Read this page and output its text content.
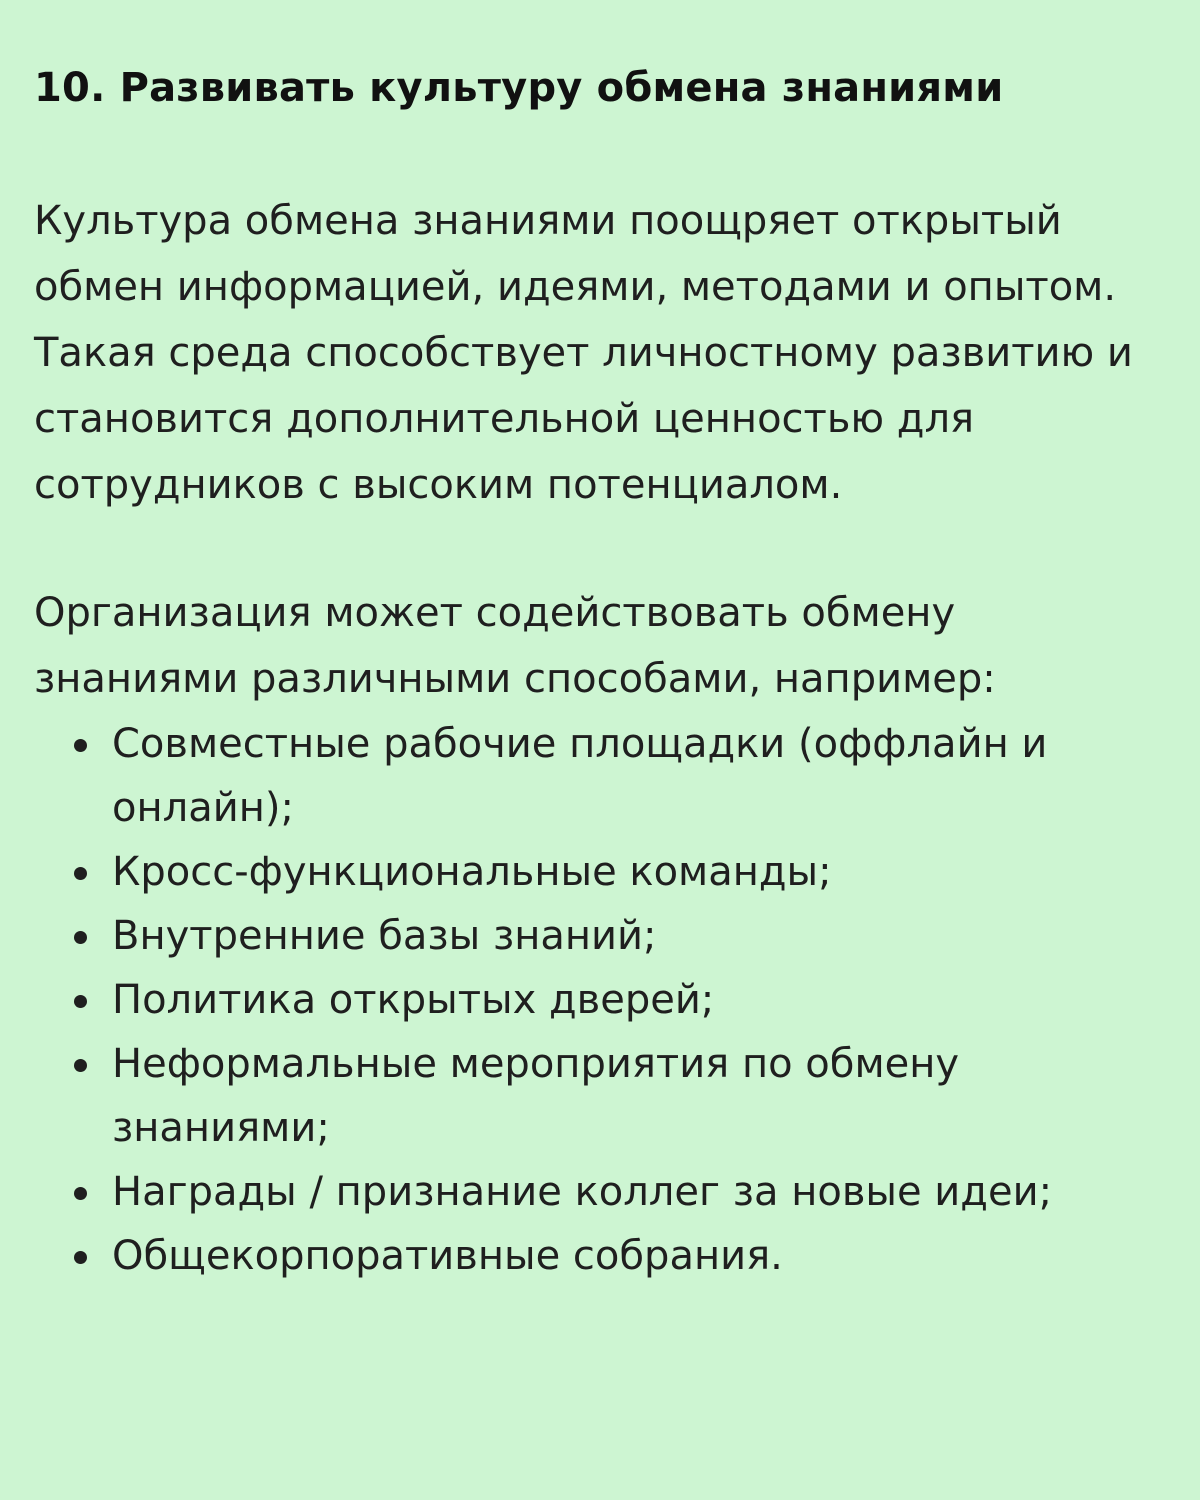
10. Развивать культуру обмена знаниями

Культура обмена знаниями поощряет открытый обмен информацией, идеями, методами и опытом. Такая среда способствует личностному развитию и становится дополнительной ценностью для сотрудников с высоким потенциалом.

Организация может содействовать обмену знаниями различными способами, например:

Совместные рабочие площадки (оффлайн и онлайн);
Кросс-функциональные команды;
Внутренние базы знаний;
Политика открытых дверей;
Неформальные мероприятия по обмену знаниями;
Награды / признание коллег за новые идеи;
Общекорпоративные собрания.
